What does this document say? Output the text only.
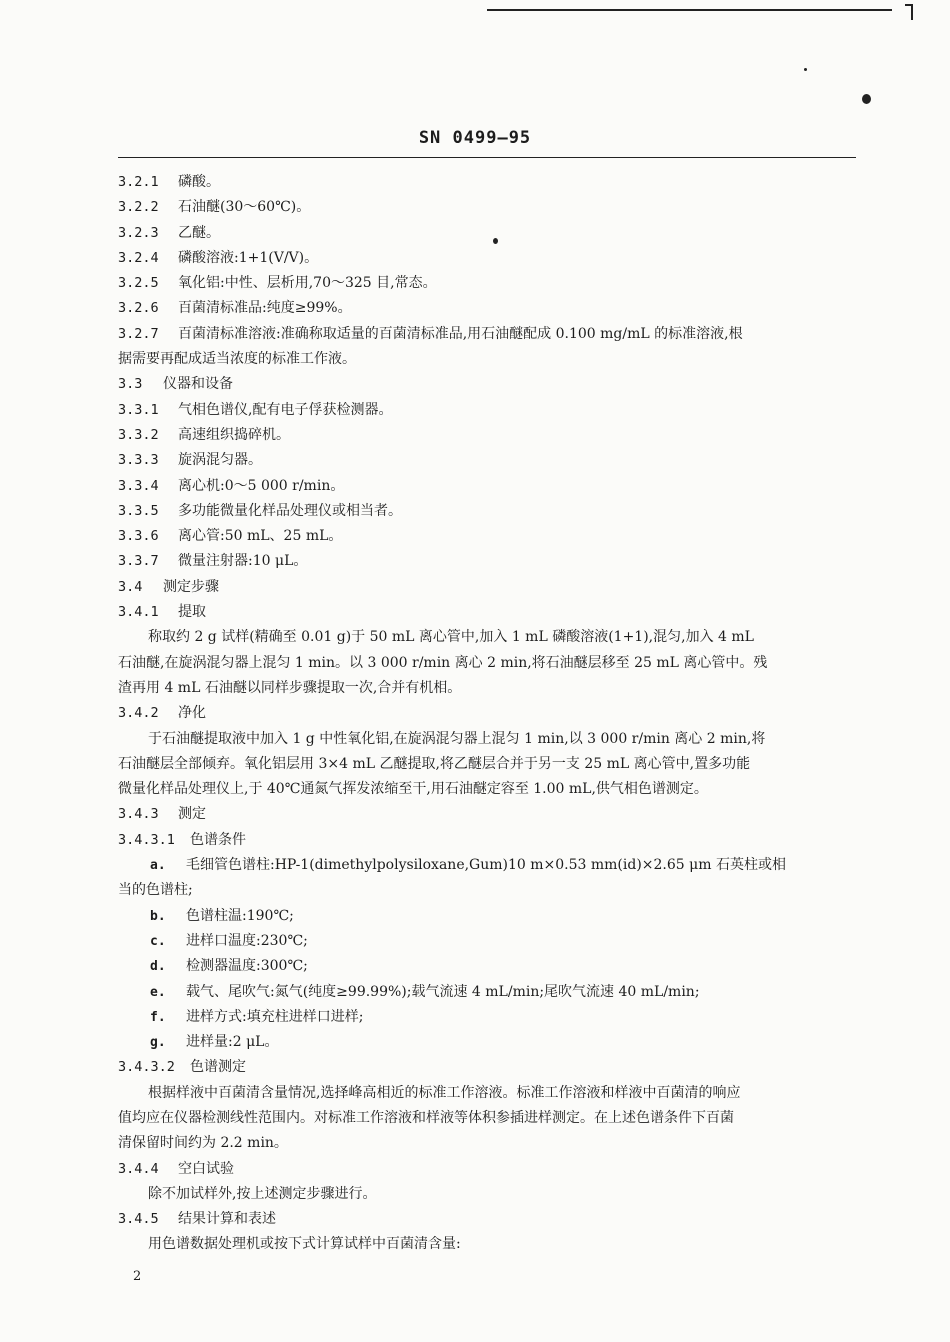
SN 0499—95
3.2.1 磷酸。
3.2.2 石油醚(30～60℃)。
3.2.3 乙醚。
3.2.4 磷酸溶液:1+1(V/V)。
3.2.5 氧化铝:中性、层析用,70～325 目,常态。
3.2.6 百菌清标准品:纯度≥99%。
3.2.7 百菌清标准溶液:准确称取适量的百菌清标准品,用石油醚配成 0.100 mg/mL 的标准溶液,根
据需要再配成适当浓度的标准工作液。
3.3 仪器和设备
3.3.1 气相色谱仪,配有电子俘获检测器。
3.3.2 高速组织捣碎机。
3.3.3 旋涡混匀器。
3.3.4 离心机:0～5 000 r/min。
3.3.5 多功能微量化样品处理仪或相当者。
3.3.6 离心管:50 mL、25 mL。
3.3.7 微量注射器:10 μL。
3.4 测定步骤
3.4.1 提取
称取约 2 g 试样(精确至 0.01 g)于 50 mL 离心管中,加入 1 mL 磷酸溶液(1+1),混匀,加入 4 mL
石油醚,在旋涡混匀器上混匀 1 min。以 3 000 r/min 离心 2 min,将石油醚层移至 25 mL 离心管中。残
渣再用 4 mL 石油醚以同样步骤提取一次,合并有机相。
3.4.2 净化
于石油醚提取液中加入 1 g 中性氧化铝,在旋涡混匀器上混匀 1 min,以 3 000 r/min 离心 2 min,将
石油醚层全部倾弃。氧化铝层用 3×4 mL 乙醚提取,将乙醚层合并于另一支 25 mL 离心管中,置多功能
微量化样品处理仪上,于 40℃通氮气挥发浓缩至干,用石油醚定容至 1.00 mL,供气相色谱测定。
3.4.3 测定
3.4.3.1 色谱条件
a. 毛细管色谱柱:HP-1(dimethylpolysiloxane,Gum)10 m×0.53 mm(id)×2.65 μm 石英柱或相
当的色谱柱;
b. 色谱柱温:190℃;
c. 进样口温度:230℃;
d. 检测器温度:300℃;
e. 载气、尾吹气:氮气(纯度≥99.99%);载气流速 4 mL/min;尾吹气流速 40 mL/min;
f. 进样方式:填充柱进样口进样;
g. 进样量:2 μL。
3.4.3.2 色谱测定
根据样液中百菌清含量情况,选择峰高相近的标准工作溶液。标准工作溶液和样液中百菌清的响应
值均应在仪器检测线性范围内。对标准工作溶液和样液等体积参插进样测定。在上述色谱条件下百菌
清保留时间约为 2.2 min。
3.4.4 空白试验
除不加试样外,按上述测定步骤进行。
3.4.5 结果计算和表述
用色谱数据处理机或按下式计算试样中百菌清含量:
2
